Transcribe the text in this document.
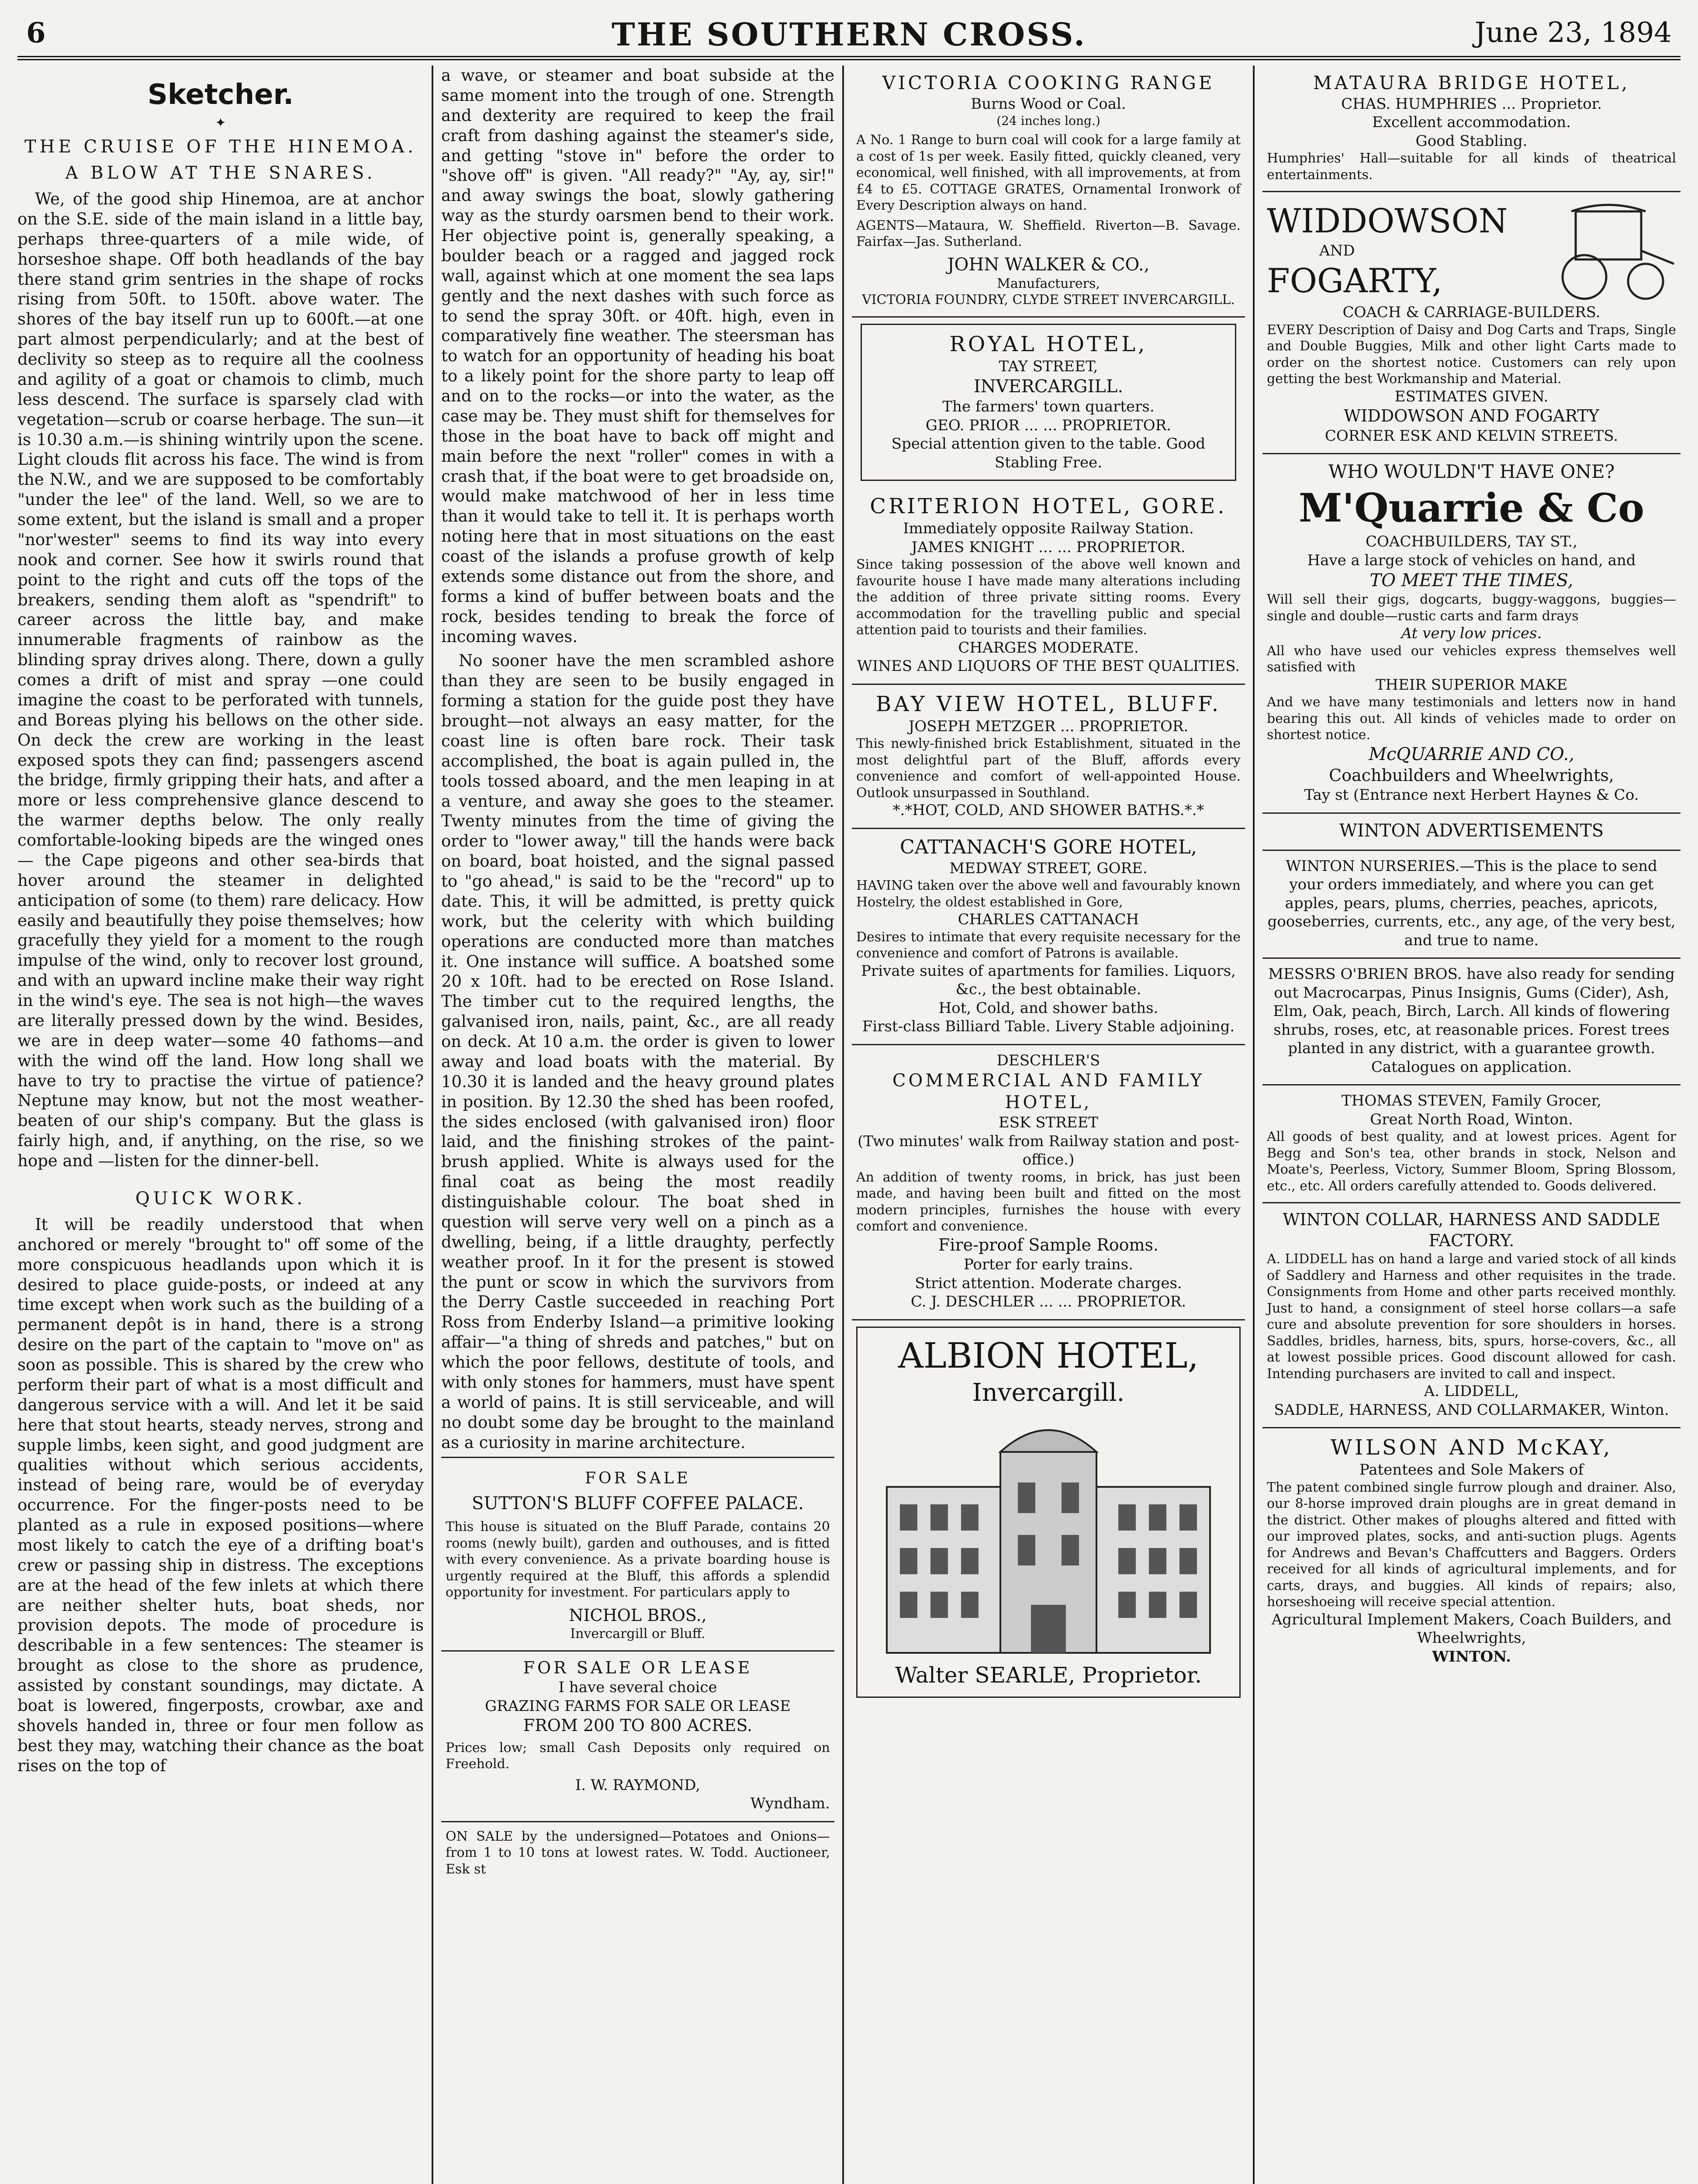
6	THE SOUTHERN CROSS.	June 23, 1894
Sketcher.
✦
THE CRUISE OF THE HINEMOA.
A BLOW AT THE SNARES.

We, of the good ship Hinemoa, are at anchor on the S.E. side of the main island in a little bay, perhaps three-quarters of a mile wide, of horseshoe shape. Off both headlands of the bay there stand grim sentries in the shape of rocks rising from 50ft. to 150ft. above water. The shores of the bay itself run up to 600ft.—at one part almost perpendicularly; and at the best of declivity so steep as to require all the coolness and agility of a goat or chamois to climb, much less descend. The surface is sparsely clad with vegetation—scrub or coarse herbage. The sun—it is 10.30 a.m.—is shining wintrily upon the scene. Light clouds flit across his face. The wind is from the N.W., and we are supposed to be comfortably "under the lee" of the land. Well, so we are to some extent, but the island is small and a proper "nor'wester" seems to find its way into every nook and corner. See how it swirls round that point to the right and cuts off the tops of the breakers, sending them aloft as "spendrift" to career across the little bay, and make innumerable fragments of rainbow as the blinding spray drives along. There, down a gully comes a drift of mist and spray —one could imagine the coast to be perforated with tunnels, and Boreas plying his bellows on the other side. On deck the crew are working in the least exposed spots they can find; passengers ascend the bridge, firmly gripping their hats, and after a more or less comprehensive glance descend to the warmer depths below. The only really comfortable-looking bipeds are the winged ones — the Cape pigeons and other sea-birds that hover around the steamer in delighted anticipation of some (to them) rare delicacy. How easily and beautifully they poise themselves; how gracefully they yield for a moment to the rough impulse of the wind, only to recover lost ground, and with an upward incline make their way right in the wind's eye. The sea is not high—the waves are literally pressed down by the wind. Besides, we are in deep water—some 40 fathoms—and with the wind off the land. How long shall we have to try to practise the virtue of patience? Neptune may know, but not the most weather-beaten of our ship's company. But the glass is fairly high, and, if anything, on the rise, so we hope and —listen for the dinner-bell.

QUICK WORK.

It will be readily understood that when anchored or merely "brought to" off some of the more conspicuous headlands upon which it is desired to place guide-posts, or indeed at any time except when work such as the building of a permanent depôt is in hand, there is a strong desire on the part of the captain to "move on" as soon as possible. This is shared by the crew who perform their part of what is a most difficult and dangerous service with a will. And let it be said here that stout hearts, steady nerves, strong and supple limbs, keen sight, and good judgment are qualities without which serious accidents, instead of being rare, would be of everyday occurrence. For the finger-posts need to be planted as a rule in exposed positions—where most likely to catch the eye of a drifting boat's crew or passing ship in distress. The exceptions are at the head of the few inlets at which there are neither shelter huts, boat sheds, nor provision depots. The mode of procedure is describable in a few sentences: The steamer is brought as close to the shore as prudence, assisted by constant soundings, may dictate. A boat is lowered, fingerposts, crowbar, axe and shovels handed in, three or four men follow as best they may, watching their chance as the boat rises on the top of

a wave, or steamer and boat subside at the same moment into the trough of one. Strength and dexterity are required to keep the frail craft from dashing against the steamer's side, and getting "stove in" before the order to "shove off" is given. "All ready?" "Ay, ay, sir!" and away swings the boat, slowly gathering way as the sturdy oarsmen bend to their work. Her objective point is, generally speaking, a boulder beach or a ragged and jagged rock wall, against which at one moment the sea laps gently and the next dashes with such force as to send the spray 30ft. or 40ft. high, even in comparatively fine weather. The steersman has to watch for an opportunity of heading his boat to a likely point for the shore party to leap off and on to the rocks—or into the water, as the case may be. They must shift for themselves for those in the boat have to back off might and main before the next "roller" comes in with a crash that, if the boat were to get broadside on, would make matchwood of her in less time than it would take to tell it. It is perhaps worth noting here that in most situations on the east coast of the islands a profuse growth of kelp extends some distance out from the shore, and forms a kind of buffer between boats and the rock, besides tending to break the force of incoming waves.

No sooner have the men scrambled ashore than they are seen to be busily engaged in forming a station for the guide post they have brought—not always an easy matter, for the coast line is often bare rock. Their task accomplished, the boat is again pulled in, the tools tossed aboard, and the men leaping in at a venture, and away she goes to the steamer. Twenty minutes from the time of giving the order to "lower away," till the hands were back on board, boat hoisted, and the signal passed to "go ahead," is said to be the "record" up to date. This, it will be admitted, is pretty quick work, but the celerity with which building operations are conducted more than matches it. One instance will suffice. A boatshed some 20 x 10ft. had to be erected on Rose Island. The timber cut to the required lengths, the galvanised iron, nails, paint, &c., are all ready on deck. At 10 a.m. the order is given to lower away and load boats with the material. By 10.30 it is landed and the heavy ground plates in position. By 12.30 the shed has been roofed, the sides enclosed (with galvanised iron) floor laid, and the finishing strokes of the paint-brush applied. White is always used for the final coat as being the most readily distinguishable colour. The boat shed in question will serve very well on a pinch as a dwelling, being, if a little draughty, perfectly weather proof. In it for the present is stowed the punt or scow in which the survivors from the Derry Castle succeeded in reaching Port Ross from Enderby Island—a primitive looking affair—"a thing of shreds and patches," but on which the poor fellows, destitute of tools, and with only stones for hammers, must have spent a world of pains. It is still serviceable, and will no doubt some day be brought to the mainland as a curiosity in marine architecture.

FOR SALE
SUTTON'S BLUFF COFFEE PALACE.
This house is situated on the Bluff Parade, contains 20 rooms (newly built), garden and outhouses, and is fitted with every convenience. As a private boarding house is urgently required at the Bluff, this affords a splendid opportunity for investment. For particulars apply to
NICHOL BROS.,
Invercargill or Bluff.
FOR SALE OR LEASE
I have several choice
GRAZING FARMS FOR SALE OR LEASE
FROM 200 TO 800 ACRES.
Prices low; small Cash Deposits only required on Freehold.
I. W. RAYMOND,
Wyndham.
ON SALE by the undersigned—Potatoes and Onions—from 1 to 10 tons at lowest rates. W. Todd. Auctioneer, Esk st
VICTORIA COOKING RANGE
Burns Wood or Coal.
(24 inches long.)
A No. 1 Range to burn coal will cook for a large family at a cost of 1s per week. Easily fitted, quickly cleaned, very economical, well finished, with all improvements, at from £4 to £5. COTTAGE GRATES, Ornamental Ironwork of Every Description always on hand.
AGENTS—Mataura, W. Sheffield. Riverton—B. Savage. Fairfax—Jas. Sutherland.
JOHN WALKER & CO.,
Manufacturers,
VICTORIA FOUNDRY, CLYDE STREET INVERCARGILL.
ROYAL HOTEL,
TAY STREET,
INVERCARGILL.
The farmers' town quarters.
GEO. PRIOR ... ... PROPRIETOR.
Special attention given to the table. Good Stabling Free.
CRITERION HOTEL, GORE.
Immediately opposite Railway Station.
JAMES KNIGHT ... ... PROPRIETOR.
Since taking possession of the above well known and favourite house I have made many alterations including the addition of three private sitting rooms. Every accommodation for the travelling public and special attention paid to tourists and their families.
CHARGES MODERATE.
WINES AND LIQUORS OF THE BEST QUALITIES.
BAY VIEW HOTEL, BLUFF.
JOSEPH METZGER ... PROPRIETOR.
This newly-finished brick Establishment, situated in the most delightful part of the Bluff, affords every convenience and comfort of well-appointed House. Outlook unsurpassed in Southland.
*.*HOT, COLD, AND SHOWER BATHS.*.*
CATTANACH'S GORE HOTEL,
MEDWAY STREET, GORE.
HAVING taken over the above well and favourably known Hostelry, the oldest established in Gore,
CHARLES CATTANACH
Desires to intimate that every requisite necessary for the convenience and comfort of Patrons is available.
Private suites of apartments for families. Liquors, &c., the best obtainable.
Hot, Cold, and shower baths.
First-class Billiard Table. Livery Stable adjoining.
DESCHLER'S
COMMERCIAL AND FAMILY HOTEL,
ESK STREET
(Two minutes' walk from Railway station and post-office.)
An addition of twenty rooms, in brick, has just been made, and having been built and fitted on the most modern principles, furnishes the house with every comfort and convenience.
Fire-proof Sample Rooms.
Porter for early trains.
Strict attention. Moderate charges.
C. J. DESCHLER ... ... PROPRIETOR.
ALBION HOTEL,
Invercargill.
Walter SEARLE, Proprietor.
MATAURA BRIDGE HOTEL,
CHAS. HUMPHRIES ... Proprietor.
Excellent accommodation.
Good Stabling.
Humphries' Hall—suitable for all kinds of theatrical entertainments.
WIDDOWSON
AND
FOGARTY,
COACH & CARRIAGE-BUILDERS.
EVERY Description of Daisy and Dog Carts and Traps, Single and Double Buggies, Milk and other light Carts made to order on the shortest notice. Customers can rely upon getting the best Workmanship and Material.
ESTIMATES GIVEN.
WIDDOWSON AND FOGARTY
CORNER ESK AND KELVIN STREETS.
WHO WOULDN'T HAVE ONE?
M'Quarrie & Co
COACHBUILDERS, TAY ST.,
Have a large stock of vehicles on hand, and
TO MEET THE TIMES,
Will sell their gigs, dogcarts, buggy-waggons, buggies—single and double—rustic carts and farm drays
At very low prices.
All who have used our vehicles express themselves well satisfied with
THEIR SUPERIOR MAKE
And we have many testimonials and letters now in hand bearing this out. All kinds of vehicles made to order on shortest notice.
McQUARRIE AND CO.,
Coachbuilders and Wheelwrights,
Tay st (Entrance next Herbert Haynes & Co.
WINTON ADVERTISEMENTS
WINTON NURSERIES.—This is the place to send your orders immediately, and where you can get apples, pears, plums, cherries, peaches, apricots, gooseberries, currents, etc., any age, of the very best, and true to name.
MESSRS O'BRIEN BROS. have also ready for sending out Macrocarpas, Pinus Insignis, Gums (Cider), Ash, Elm, Oak, peach, Birch, Larch. All kinds of flowering shrubs, roses, etc, at reasonable prices. Forest trees planted in any district, with a guarantee growth. Catalogues on application.
THOMAS STEVEN, Family Grocer,
Great North Road, Winton.
All goods of best quality, and at lowest prices. Agent for Begg and Son's tea, other brands in stock, Nelson and Moate's, Peerless, Victory, Summer Bloom, Spring Blossom, etc., etc. All orders carefully attended to. Goods delivered.
WINTON COLLAR, HARNESS AND SADDLE FACTORY.
A. LIDDELL has on hand a large and varied stock of all kinds of Saddlery and Harness and other requisites in the trade. Consignments from Home and other parts received monthly. Just to hand, a consignment of steel horse collars—a safe cure and absolute prevention for sore shoulders in horses. Saddles, bridles, harness, bits, spurs, horse-covers, &c., all at lowest possible prices. Good discount allowed for cash. Intending purchasers are invited to call and inspect.
A. LIDDELL,
SADDLE, HARNESS, AND COLLARMAKER, Winton.
WILSON AND McKAY,
Patentees and Sole Makers of
The patent combined single furrow plough and drainer. Also, our 8-horse improved drain ploughs are in great demand in the district. Other makes of ploughs altered and fitted with our improved plates, socks, and anti-suction plugs. Agents for Andrews and Bevan's Chaffcutters and Baggers. Orders received for all kinds of agricultural implements, and for carts, drays, and buggies. All kinds of repairs; also, horseshoeing will receive special attention.
Agricultural Implement Makers, Coach Builders, and Wheelwrights,
WINTON.
